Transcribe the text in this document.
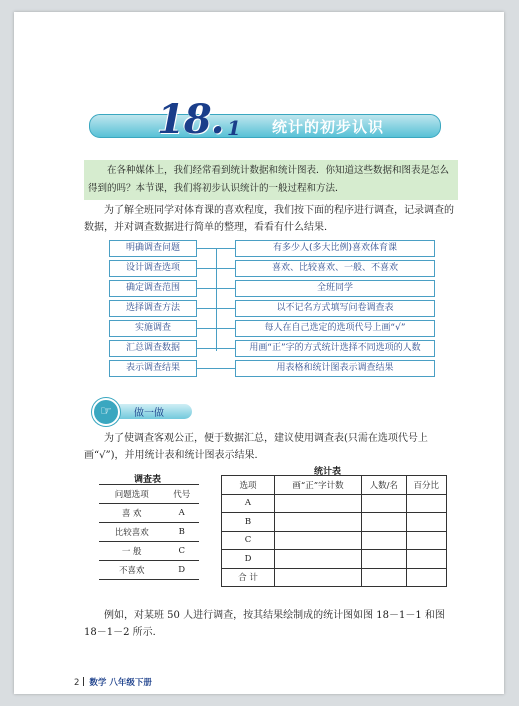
18. 1 统计的初步认识

在各种媒体上，我们经常看到统计数据和统计图表．你知道这些数据和图表是怎么得到的吗？本节课，我们将初步认识统计的一般过程和方法．

为了解全班同学对体育课的喜欢程度，我们按下面的程序进行调查，记录调查的数据，并对调查数据进行简单的整理，看看有什么结果．

明确调查问题	有多少人(多大比例)喜欢体育课
设计调查选项	喜欢、比较喜欢、一般、不喜欢
确定调查范围	全班同学
选择调查方法	以不记名方式填写问卷调查表
实施调查	每人在自己选定的选项代号上画“√”
汇总调查数据	用画“正”字的方式统计选择不同选项的人数
表示调查结果	用表格和统计图表示调查结果
☞	做一做

为了使调查客观公正，便于数据汇总，建议使用调查表(只需在选项代号上画“√”)，并用统计表和统计图表示结果．

调查表
问题选项	代号
喜 欢	A
比较喜欢	B
一 般	C
不喜欢	D
统计表
选项	画“正”字计数	人数/名	百分比
A			
B			
C			
D			
合 计			

例如，对某班 50 人进行调查，按其结果绘制成的统计图如图 18－1－1 和图 18－1－2 所示．

2 数学 八年级下册
